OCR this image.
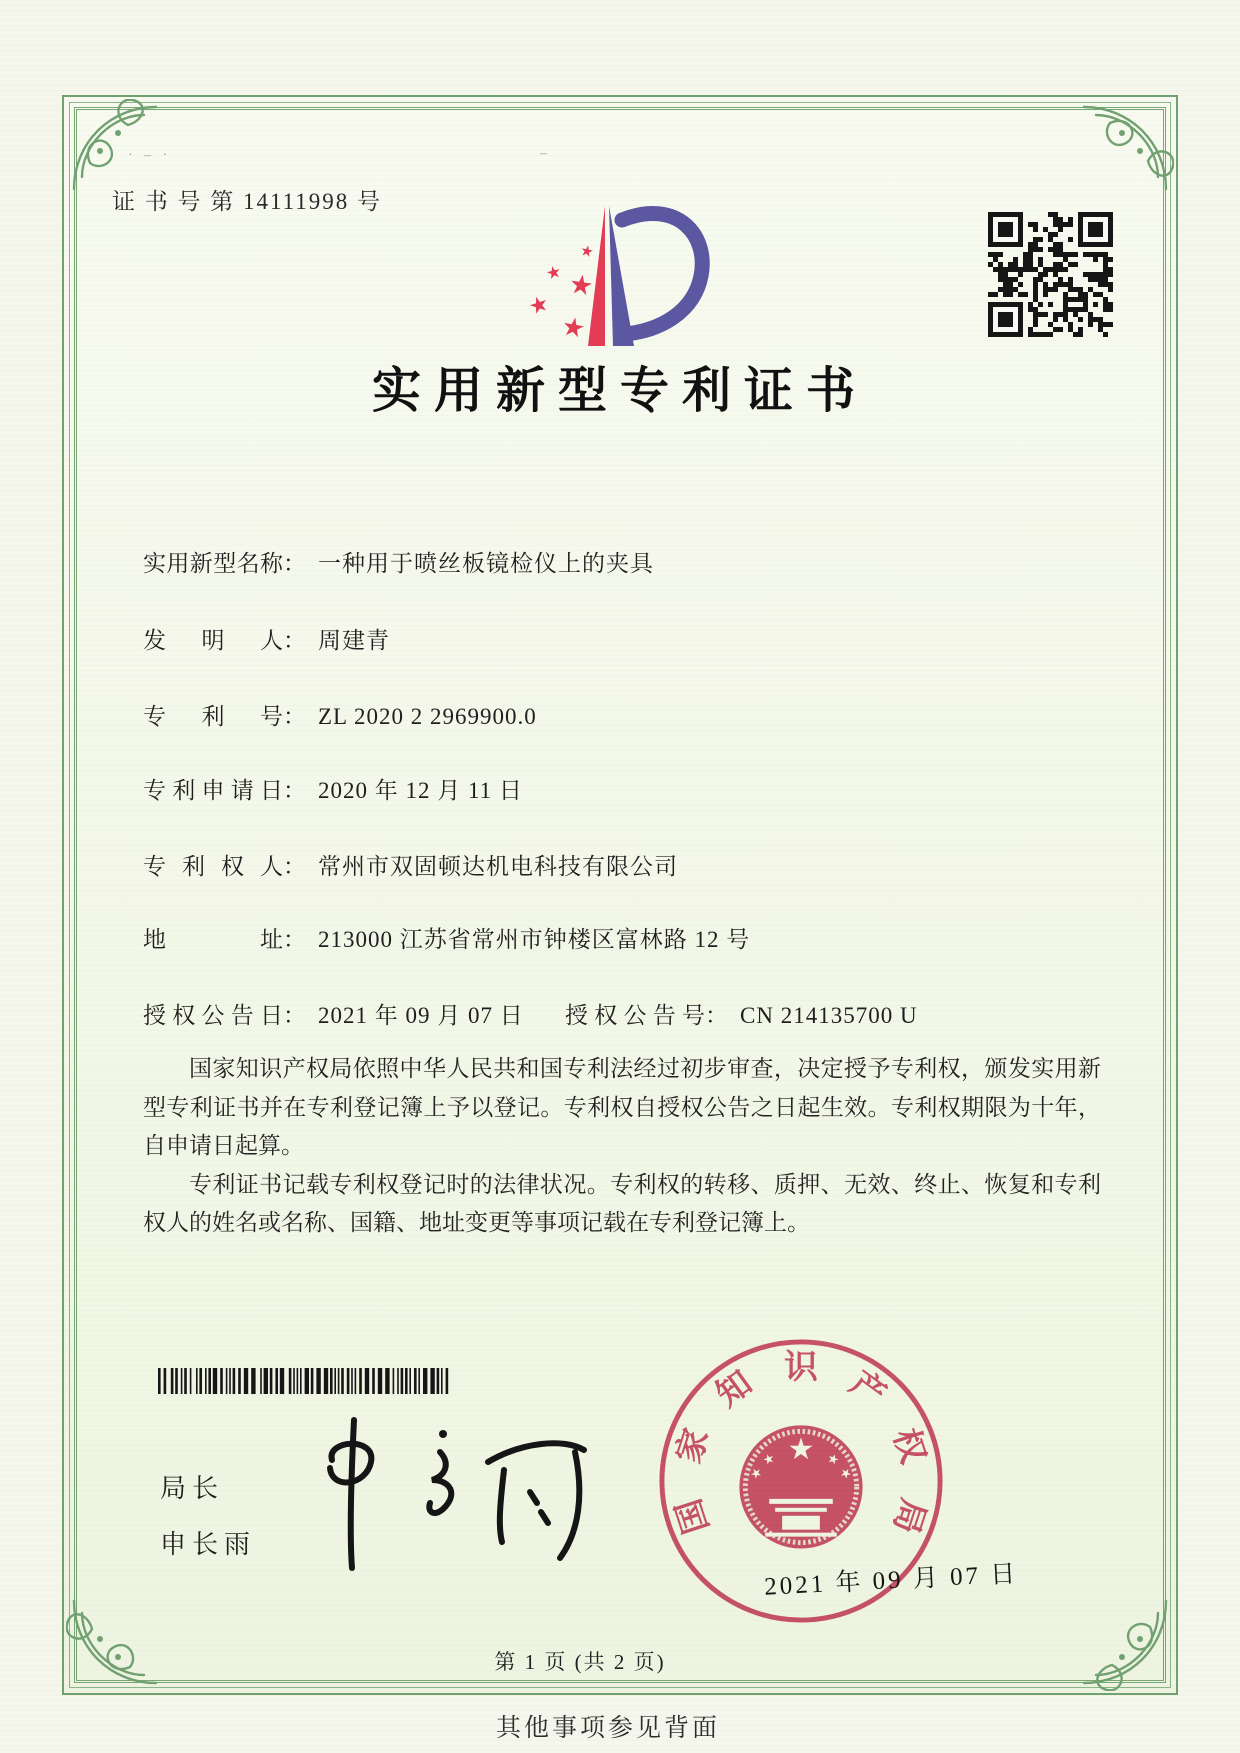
· – ·	–
证 书 号 第 14111998 号
★
★ ★
★
★
实用新型专利证书
实用新型名称： 一种用于喷丝板镜检仪上的夹具
发 明 人： 周建青
专 利 号： ZL 2020 2 2969900.0
专利申请日： 2020 年 12 月 11 日
专 利 权 人： 常州市双固顿达机电科技有限公司
地 址： 213000 江苏省常州市钟楼区富林路 12 号
授权公告日： 2021 年 09 月 07 日 授权公告号： CN 214135700 U

国家知识产权局依照中华人民共和国专利法经过初步审查，决定授予专利权，颁发实用新型专利证书并在专利登记簿上予以登记。专利权自授权公告之日起生效。专利权期限为十年，自申请日起算。

专利证书记载专利权登记时的法律状况。专利权的转移、质押、无效、终止、恢复和专利权人的姓名或名称、国籍、地址变更等事项记载在专利登记簿上。

局长
申长雨
国
家
知 识 产
权
局
★
★
★
★
★
2021 年 09 月 07 日
第 1 页 (共 2 页)
其他事项参见背面
